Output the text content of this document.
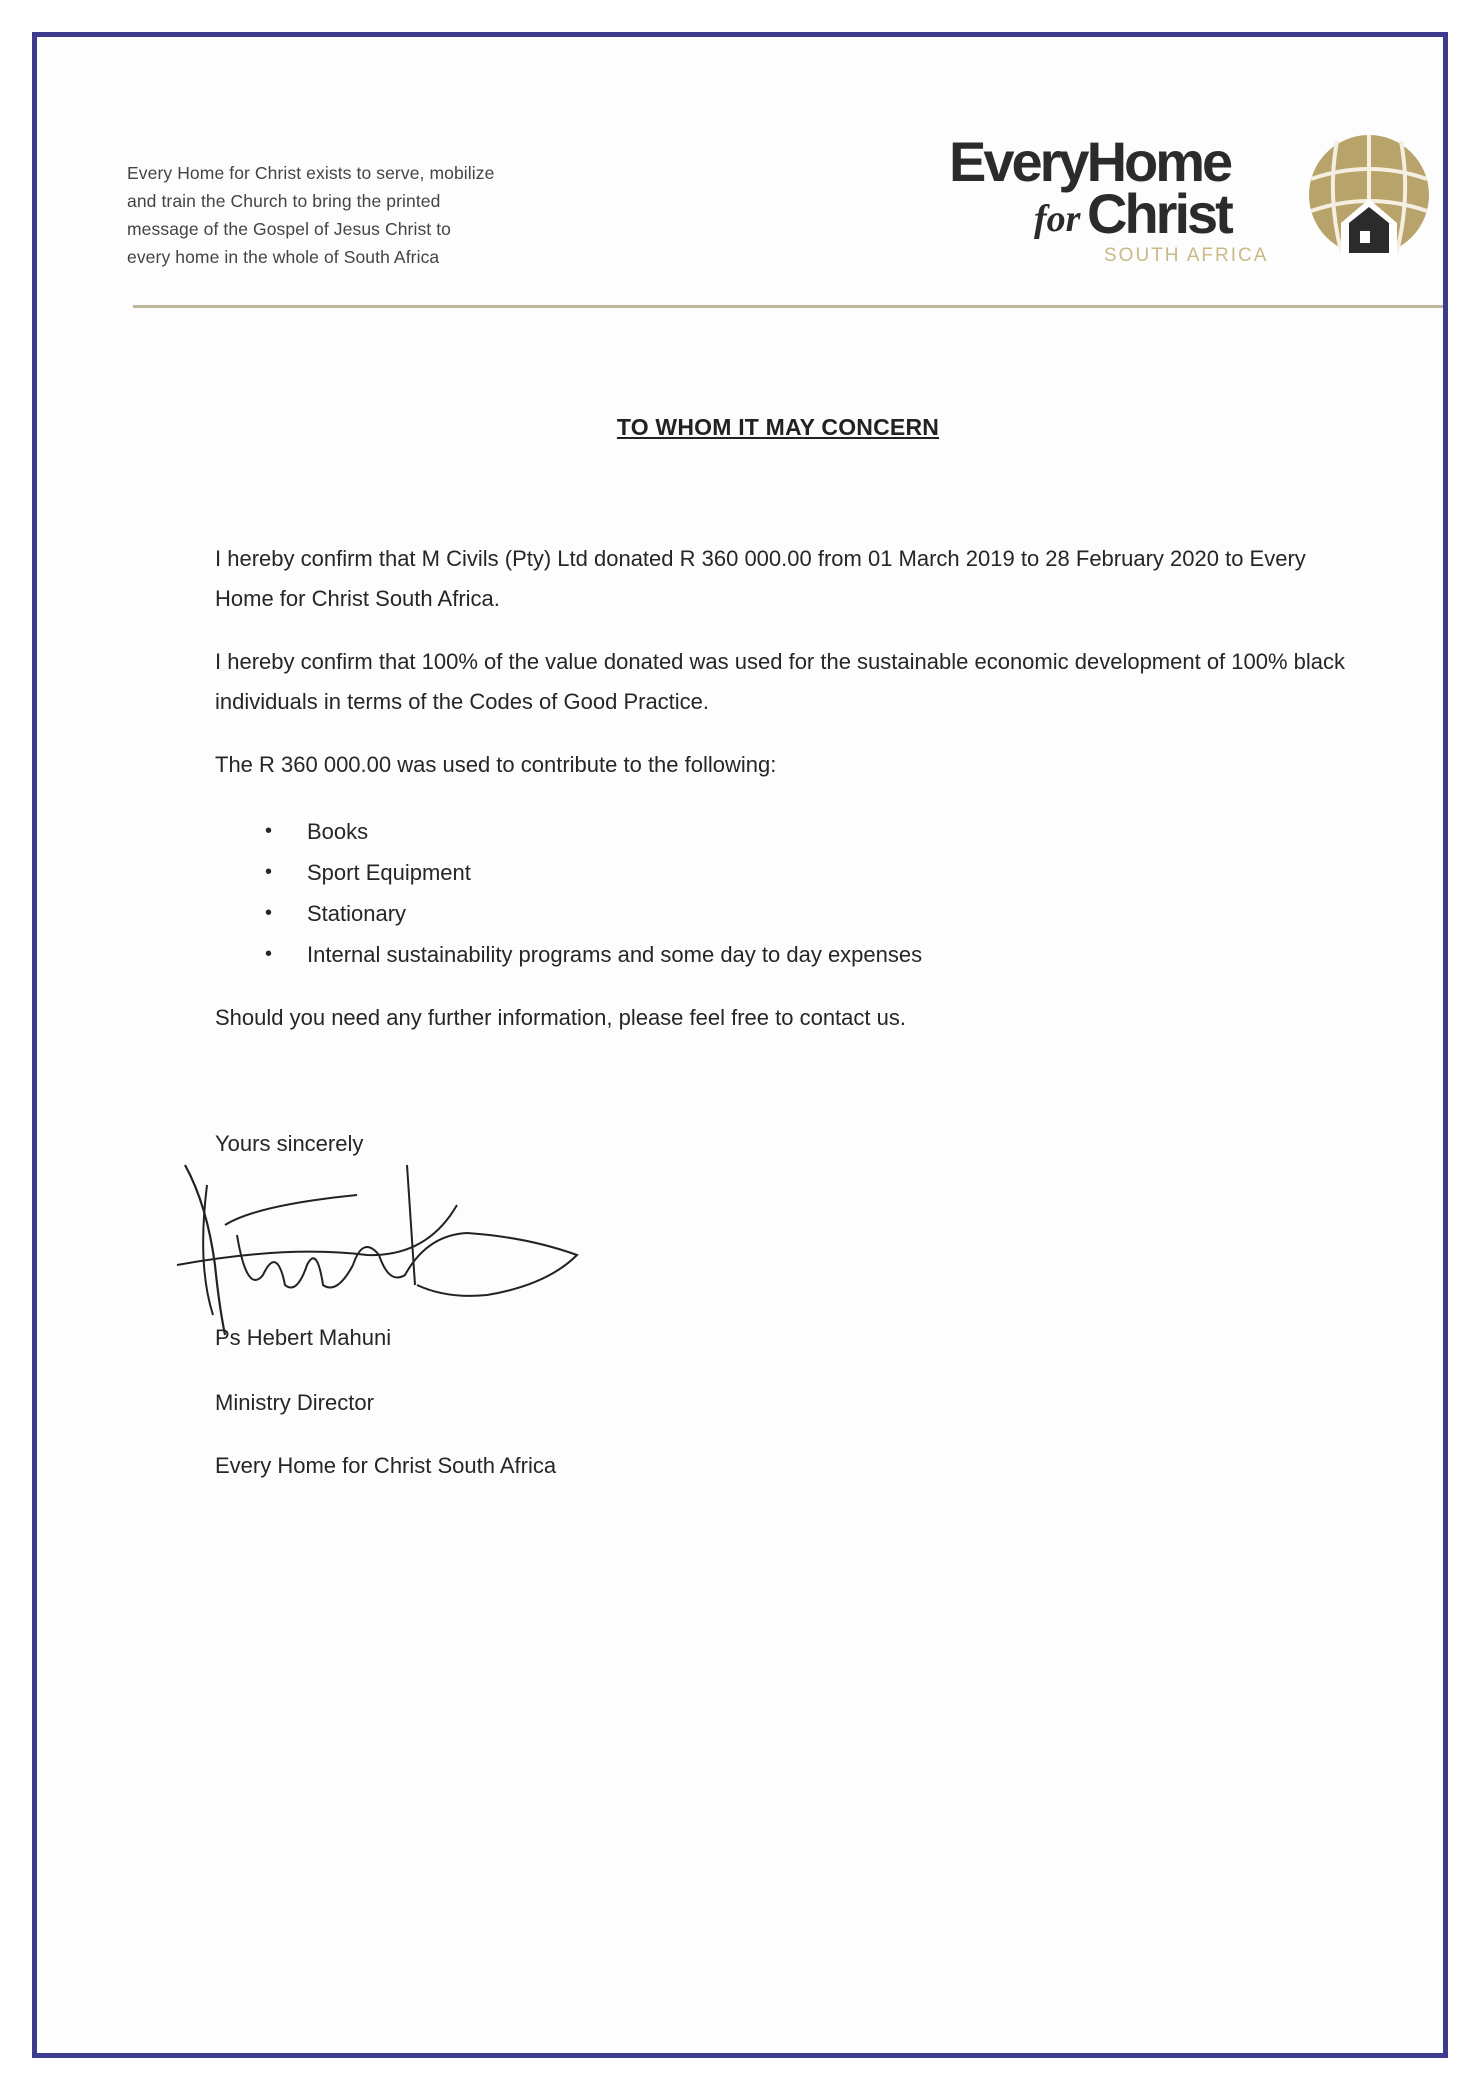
Every Home for Christ exists to serve, mobilize
and train the Church to bring the printed
message of the Gospel of Jesus Christ to
every home in the whole of South Africa
EveryHome
for Christ
SOUTH AFRICA
TO WHOM IT MAY CONCERN
I hereby confirm that M Civils (Pty) Ltd donated R 360 000.00 from 01 March 2019 to 28 February 2020 to Every Home for Christ South Africa.
I hereby confirm that 100% of the value donated was used for the sustainable economic development of 100% black individuals in terms of the Codes of Good Practice.
The R 360 000.00 was used to contribute to the following:
• Books
• Sport Equipment
• Stationary
• Internal sustainability programs and some day to day expenses
Should you need any further information, please feel free to contact us.
Yours sincerely
Ps Hebert Mahuni
Ministry Director
Every Home for Christ South Africa
